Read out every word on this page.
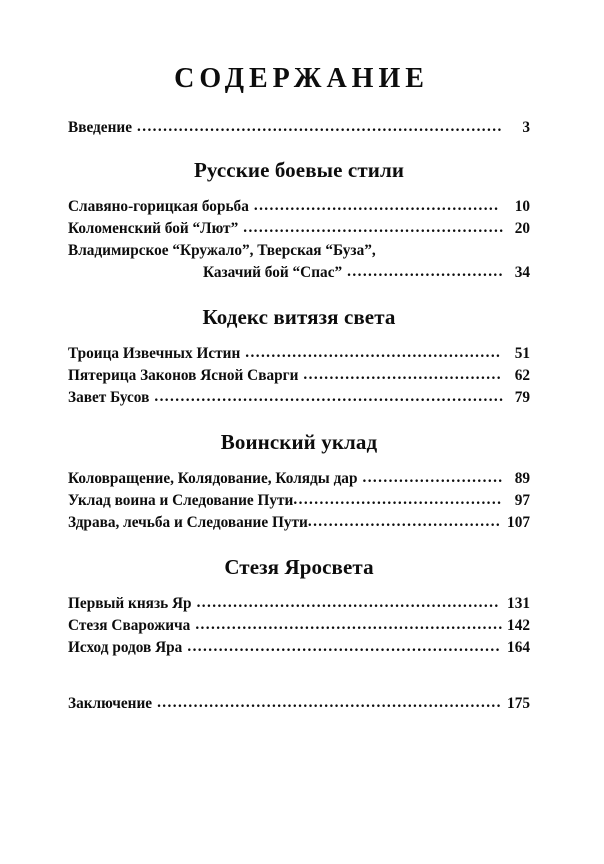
СОДЕРЖАНИЕ
Введение ......................................................................	3
Русские боевые стили
Славяно-горицкая борьба ...............................................	10
Коломенский бой “Лют” .................................................. 20
Владимирское “Кружало”, Тверская “Буза”,
Казачий бой “Спас” .............................. 34
Кодекс витязя света
Троица Извечных Истин ................................................. 51
Пятерица Законов Ясной Сварги ...................................... 62
Завет Бусов ................................................................... 79
Воинский уклад
Коловращение, Колядование, Коляды дар ........................... 89
Уклад воина и Следование Пути ........................................ 97
Здрава, лечьба и Следование Пути ..................................... 107
Стезя Яросвета
Первый князь Яр .......................................................... 131
Стезя Сварожича ........................................................... 142
Исход родов Яра ............................................................ 164
Заключение .................................................................. 175
